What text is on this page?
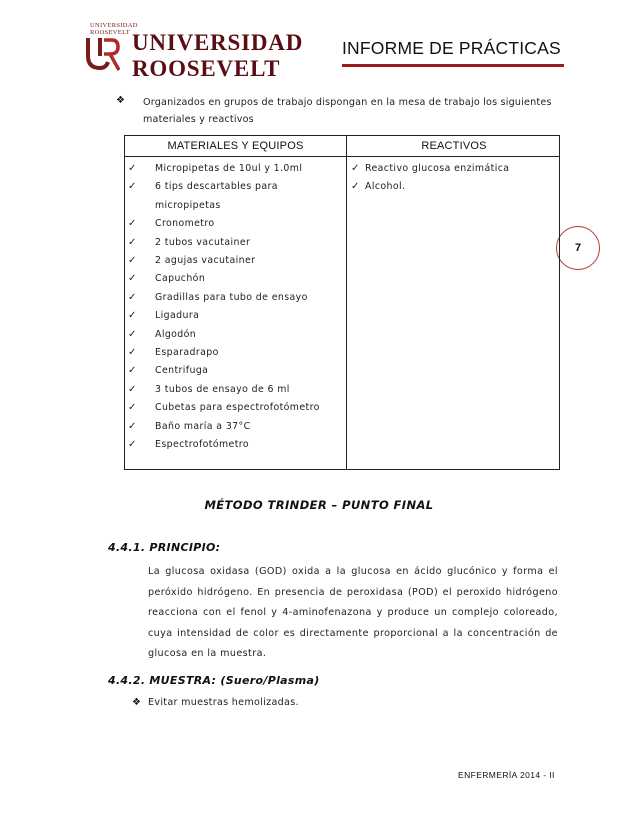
UNIVERSIDAD
ROOSEVELT UNIVERSIDAD
ROOSEVELT
INFORME DE PRÁCTICAS
7
❖ Organizados en grupos de trabajo dispongan en la mesa de trabajo los siguientes materiales y reactivos
MATERIALES Y EQUIPOS	REACTIVOS
✓ Micropipetas de 10ul y 1.0ml
✓ 6 tips descartables para micropipetas
✓ Cronometro
✓ 2 tubos vacutainer
✓ 2 agujas vacutainer
✓ Capuchón
✓ Gradillas para tubo de ensayo
✓ Ligadura
✓ Algodón
✓ Esparadrapo
✓ Centrifuga
✓ 3 tubos de ensayo de 6 ml
✓ Cubetas para espectrofotómetro
✓ Baño maría a 37°C
✓ Espectrofotómetro
✓ Reactivo glucosa enzimática
✓ Alcohol.
MÉTODO TRINDER – PUNTO FINAL
4.4.1. PRINCIPIO:
La glucosa oxidasa (GOD) oxida a la glucosa en ácido glucónico y forma el peróxido hidrógeno. En presencia de peroxidasa (POD) el peroxido hidrógeno reacciona con el fenol y 4-aminofenazona y produce un complejo coloreado, cuya intensidad de color es directamente proporcional a la concentración de glucosa en la muestra.
4.4.2. MUESTRA: (Suero/Plasma)
❖ Evitar muestras hemolizadas.
ENFERMERÍA 2014 - II
